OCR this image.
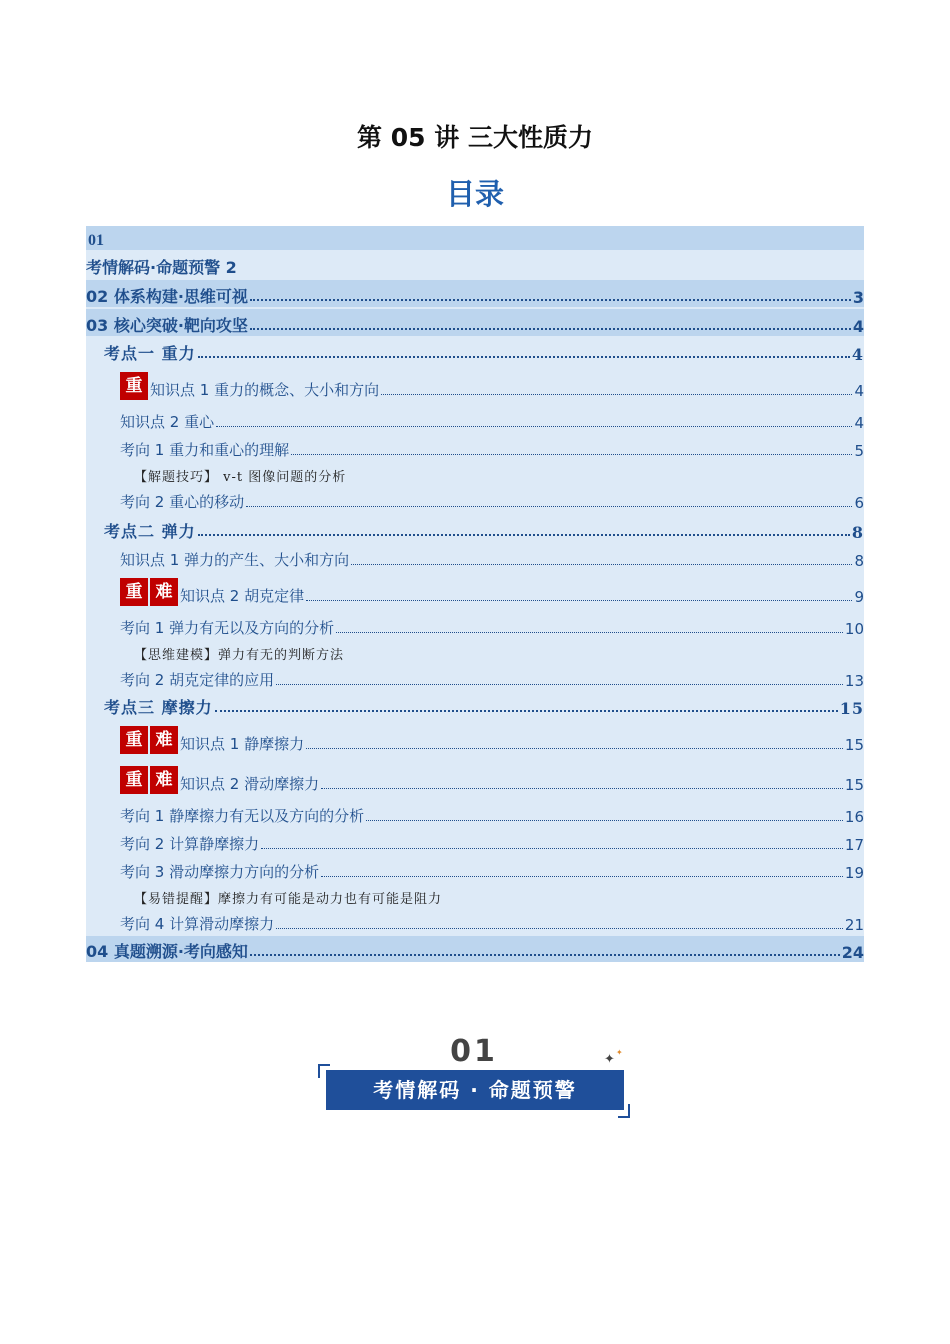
第 05 讲 三大性质力
目录
01
考情解码·命题预警 2
02 体系构建·思维可视	3
03 核心突破·靶向攻坚	4
考点一 重力	4
重 知识点 1 重力的概念、大小和方向	4
知识点 2 重心	4
考向 1 重力和重心的理解	5
【解题技巧】 v-t 图像问题的分析
考向 2 重心的移动	6
考点二 弹力	8
知识点 1 弹力的产生、大小和方向	8
重 难 知识点 2 胡克定律	9
考向 1 弹力有无以及方向的分析	10
【思维建模】弹力有无的判断方法
考向 2 胡克定律的应用	13
考点三 摩擦力	15
重 难 知识点 1 静摩擦力	15
重 难 知识点 2 滑动摩擦力	15
考向 1 静摩擦力有无以及方向的分析	16
考向 2 计算静摩擦力	17
考向 3 滑动摩擦力方向的分析	19
【易错提醒】摩擦力有可能是动力也有可能是阻力
考向 4 计算滑动摩擦力	21
04 真题溯源·考向感知	24
01
考情解码 · 命题预警
✦ ✦
